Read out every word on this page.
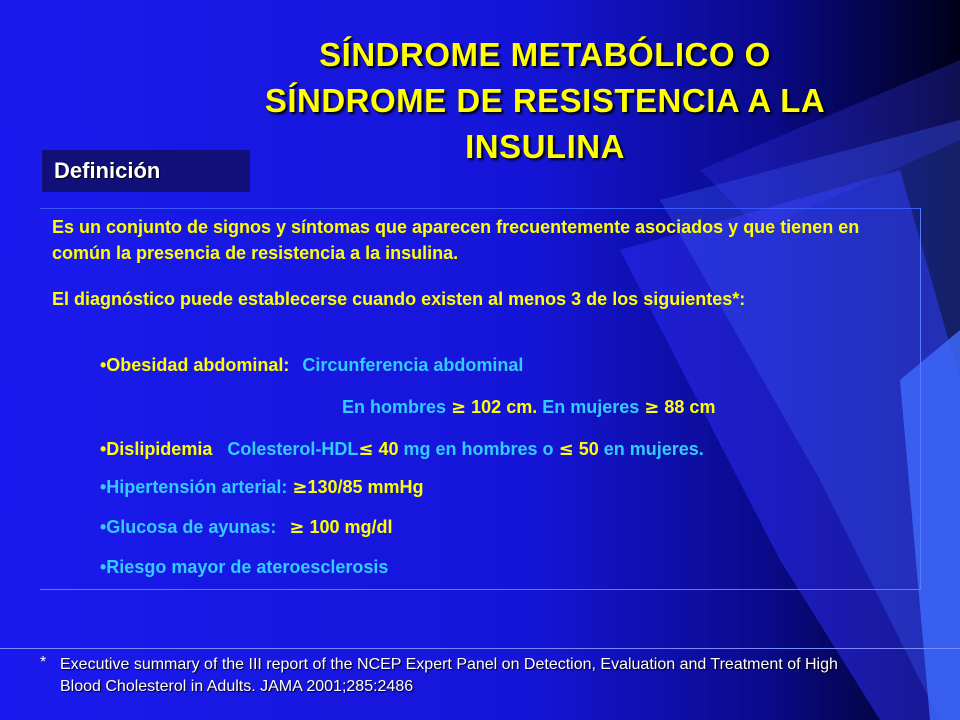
SÍNDROME METABÓLICO O
SÍNDROME DE RESISTENCIA A LA
INSULINA
Definición
Es un conjunto de signos y síntomas que aparecen frecuentemente asociados y que tienen en común la presencia de resistencia a la insulina.
El diagnóstico puede establecerse cuando existen al menos 3 de los siguientes*:
•Obesidad abdominal: Circunferencia abdominal
En hombres ≥ 102 cm. En mujeres ≥ 88 cm
•Dislipidemia Colesterol-HDL≤ 40 mg en hombres o ≤ 50 en mujeres.
•Hipertensión arterial: ≥130/85 mmHg
•Glucosa de ayunas: ≥ 100 mg/dl
•Riesgo mayor de ateroesclerosis
* Executive summary of the III report of the NCEP Expert Panel on Detection, Evaluation and Treatment of High Blood Cholesterol in Adults. JAMA 2001;285:2486
